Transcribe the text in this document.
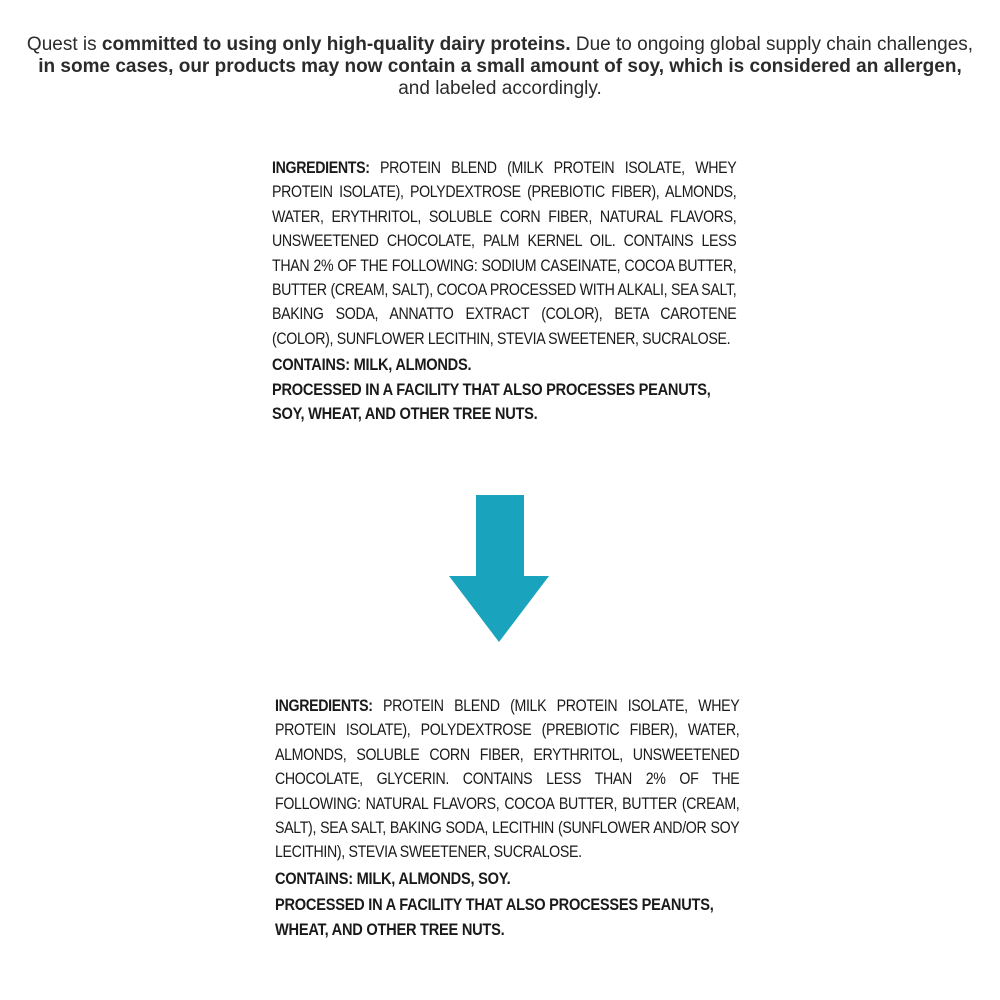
Quest is committed to using only high-quality dairy proteins. Due to ongoing global supply chain challenges, in some cases, our products may now contain a small amount of soy, which is considered an allergen, and labeled accordingly.
INGREDIENTS: PROTEIN BLEND (MILK PROTEIN ISOLATE, WHEY PROTEIN ISOLATE), POLYDEXTROSE (PREBIOTIC FIBER), ALMONDS, WATER, ERYTHRITOL, SOLUBLE CORN FIBER, NATURAL FLAVORS, UNSWEETENED CHOCOLATE, PALM KERNEL OIL. CONTAINS LESS THAN 2% OF THE FOLLOWING: SODIUM CASEINATE, COCOA BUTTER, BUTTER (CREAM, SALT), COCOA PROCESSED WITH ALKALI, SEA SALT, BAKING SODA, ANNATTO EXTRACT (COLOR), BETA CAROTENE (COLOR), SUNFLOWER LECITHIN, STEVIA SWEETENER, SUCRALOSE.
CONTAINS: MILK, ALMONDS.
PROCESSED IN A FACILITY THAT ALSO PROCESSES PEANUTS, SOY, WHEAT, AND OTHER TREE NUTS.
INGREDIENTS: PROTEIN BLEND (MILK PROTEIN ISOLATE, WHEY PROTEIN ISOLATE), POLYDEXTROSE (PREBIOTIC FIBER), WATER, ALMONDS, SOLUBLE CORN FIBER, ERYTHRITOL, UNSWEETENED CHOCOLATE, GLYCERIN. CONTAINS LESS THAN 2% OF THE FOLLOWING: NATURAL FLAVORS, COCOA BUTTER, BUTTER (CREAM, SALT), SEA SALT, BAKING SODA, LECITHIN (SUNFLOWER AND/OR SOY LECITHIN), STEVIA SWEETENER, SUCRALOSE.
CONTAINS: MILK, ALMONDS, SOY.
PROCESSED IN A FACILITY THAT ALSO PROCESSES PEANUTS, WHEAT, AND OTHER TREE NUTS.
